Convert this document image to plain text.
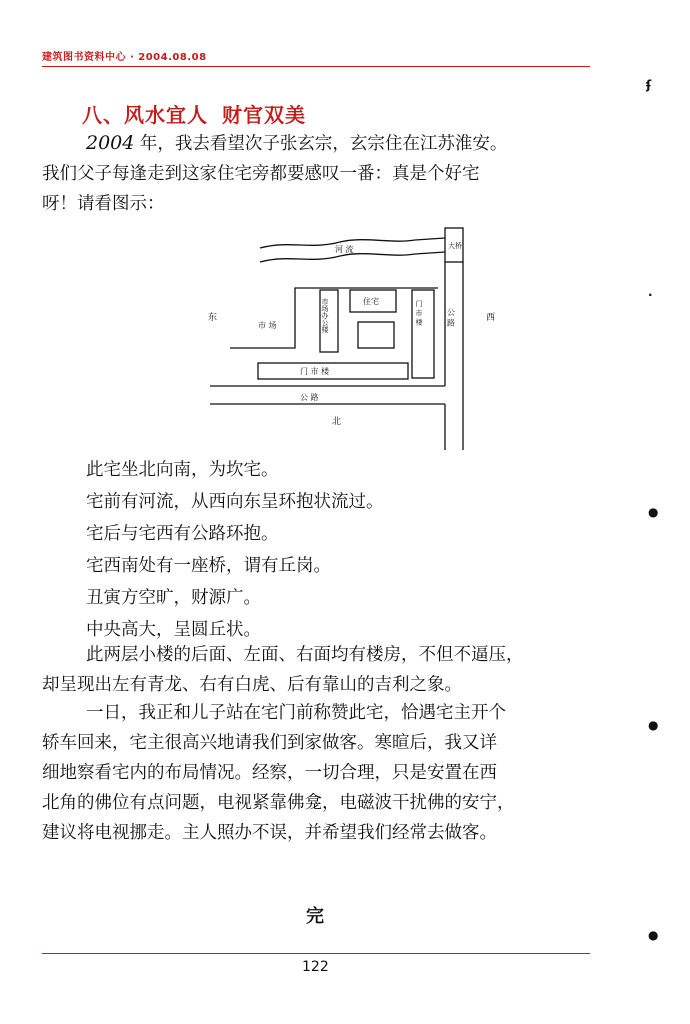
建筑图书资料中心 · 2004.08.08
八、风水宜人 财官双美
2004 年，我去看望次子张玄宗，玄宗住在江苏淮安。
我们父子每逢走到这家住宅旁都要感叹一番：真是个好宅
呀！请看图示：
河 流	大桥
公 路
公 路
东	西
北
市 场	市场办公楼	住宅	门 市 楼
门 市 楼
此宅坐北向南，为坎宅。
宅前有河流，从西向东呈环抱状流过。
宅后与宅西有公路环抱。
宅西南处有一座桥，谓有丘岗。
丑寅方空旷，财源广。
中央高大，呈圆丘状。
此两层小楼的后面、左面、右面均有楼房，不但不逼压，
却呈现出左有青龙、右有白虎、后有靠山的吉利之象。
一日，我正和儿子站在宅门前称赞此宅，恰遇宅主开个
轿车回来，宅主很高兴地请我们到家做客。寒暄后，我又详
细地察看宅内的布局情况。经察，一切合理，只是安置在西
北角的佛位有点问题，电视紧靠佛龛，电磁波干扰佛的安宁，
建议将电视挪走。主人照办不误，并希望我们经常去做客。
完
122
ʄ
·
●
●
●
